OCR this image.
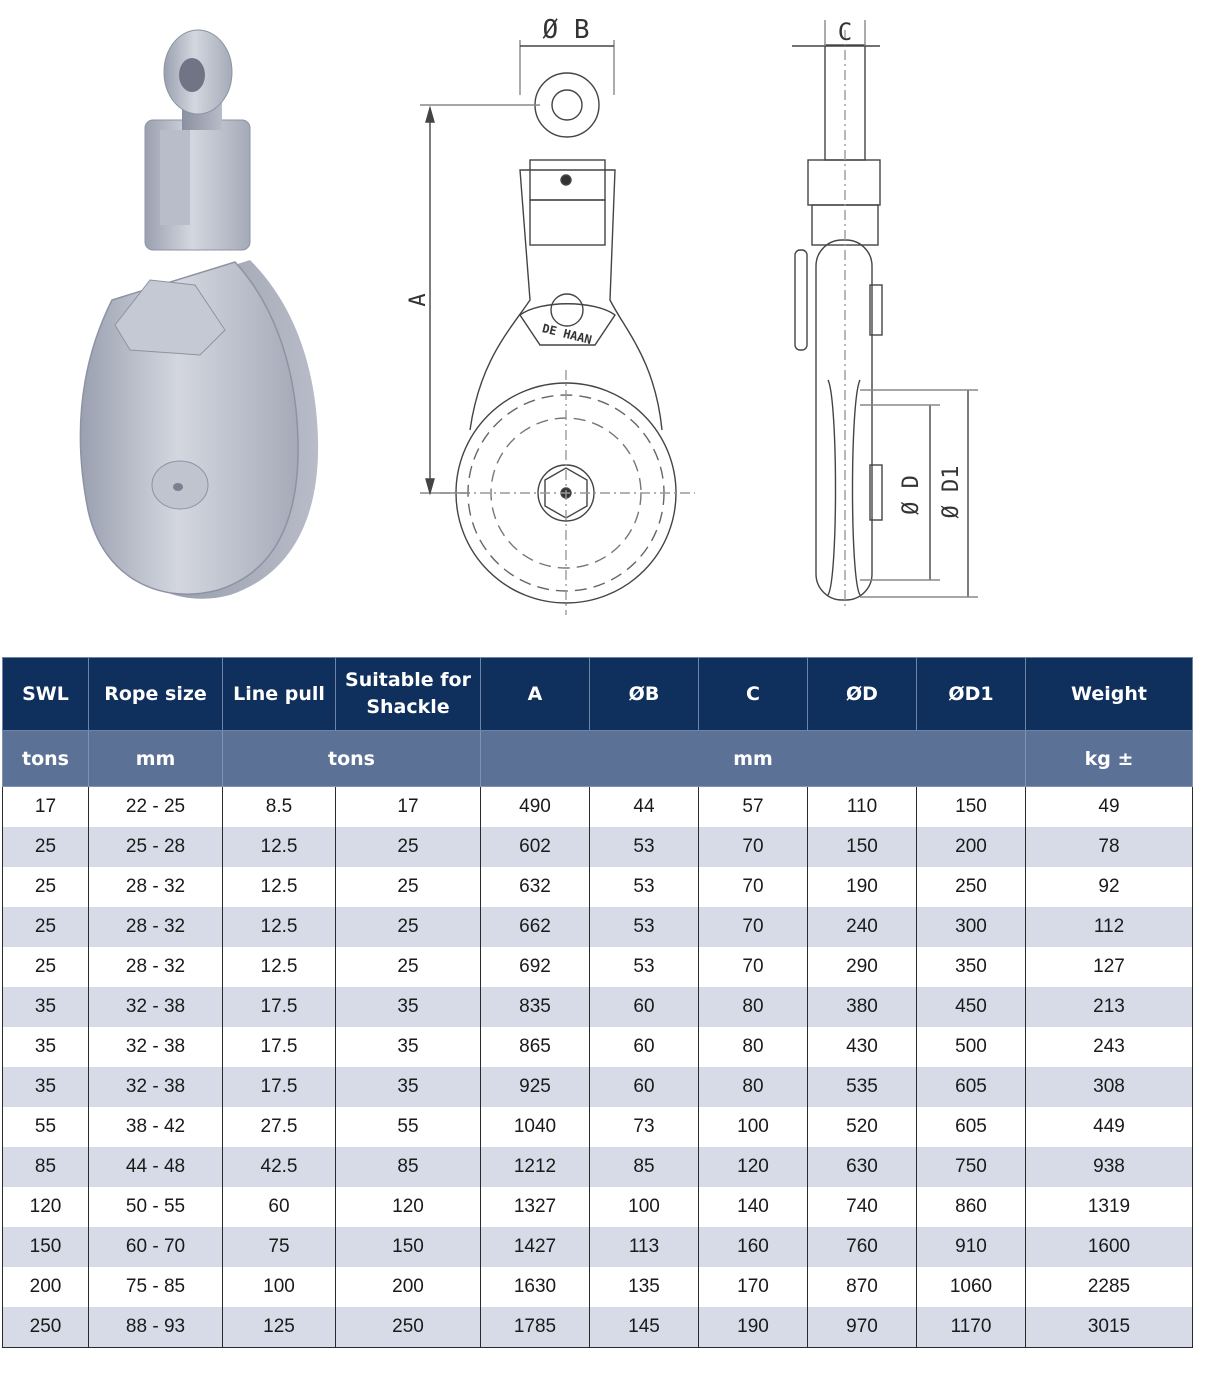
A
Ø B
DE HAAN
C
Ø D Ø D1
SWL	Rope size	Line pull	Suitable for Shackle	A	ØB	C	ØD	ØD1	Weight
tons	mm	tons		mm					kg ±
17	22 - 25	8.5	17	490	44	57	110	150	49
25	25 - 28	12.5	25	602	53	70	150	200	78
25	28 - 32	12.5	25	632	53	70	190	250	92
25	28 - 32	12.5	25	662	53	70	240	300	112
25	28 - 32	12.5	25	692	53	70	290	350	127
35	32 - 38	17.5	35	835	60	80	380	450	213
35	32 - 38	17.5	35	865	60	80	430	500	243
35	32 - 38	17.5	35	925	60	80	535	605	308
55	38 - 42	27.5	55	1040	73	100	520	605	449
85	44 - 48	42.5	85	1212	85	120	630	750	938
120	50 - 55	60	120	1327	100	140	740	860	1319
150	60 - 70	75	150	1427	113	160	760	910	1600
200	75 - 85	100	200	1630	135	170	870	1060	2285
250	88 - 93	125	250	1785	145	190	970	1170	3015
